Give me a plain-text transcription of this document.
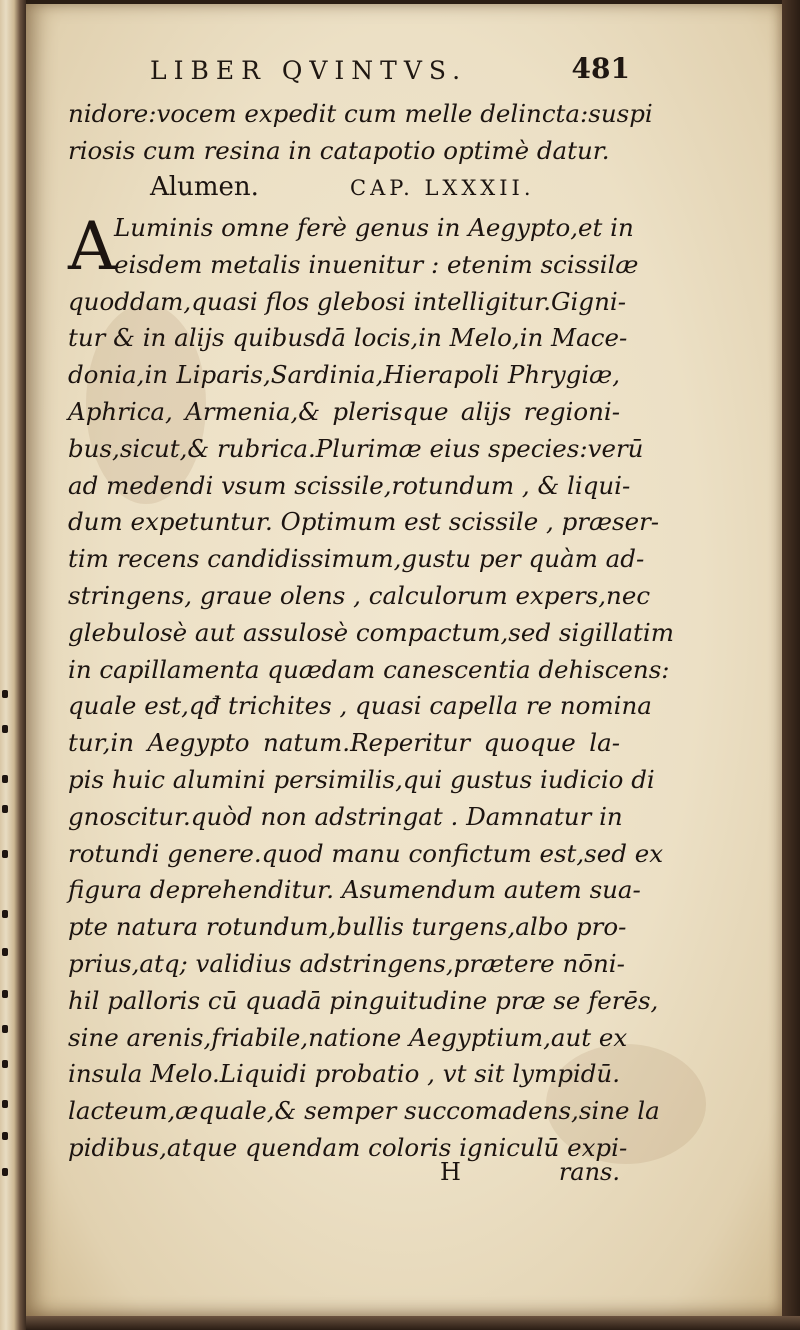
LIBER QVINTVS.	481
nidore:vocem expedit cum melle delincta:suspi
riosis cum resina in catapotio optimè datur.
Alumen.	CAP. LXXXII.
A
Luminis omne ferè genus in Aegypto,et in
eisdem metalis inuenitur : etenim scissilæ
quoddam,quasi flos glebosi intelligitur.Gigni-
tur & in alijs quibusdā locis,in Melo,in Mace-
donia,in Liparis,Sardinia,Hierapoli Phrygiæ,
Aphrica, Armenia,& plerisque alijs regioni-
bus,sicut,& rubrica.Plurimæ eius species:verū
ad medendi vsum scissile,rotundum , & liqui-
dum expetuntur. Optimum est scissile , præser-
tim recens candidissimum,gustu per quàm ad-
stringens, graue olens , calculorum expers,nec
glebulosè aut assulosè compactum,sed sigillatim
in capillamenta quædam canescentia dehiscens:
quale est,qđ trichites , quasi capella re nomina
tur,in Aegypto natum.Reperitur quoque la-
pis huic alumini persimilis,qui gustus iudicio di
gnoscitur.quòd non adstringat . Damnatur in
rotundi genere.quod manu confictum est,sed ex
figura deprehenditur. Asumendum autem sua-
pte natura rotundum,bullis turgens,albo pro-
prius,atq; validius adstringens,prætere nōni-
hil palloris cū quadā pinguitudine præ se ferēs,
sine arenis,friabile,natione Aegyptium,aut ex
insula Melo.Liquidi probatio , vt sit lympidū.
lacteum,æquale,& semper succomadens,sine la
pidibus,atque quendam coloris igniculū expi-
H	rans.
